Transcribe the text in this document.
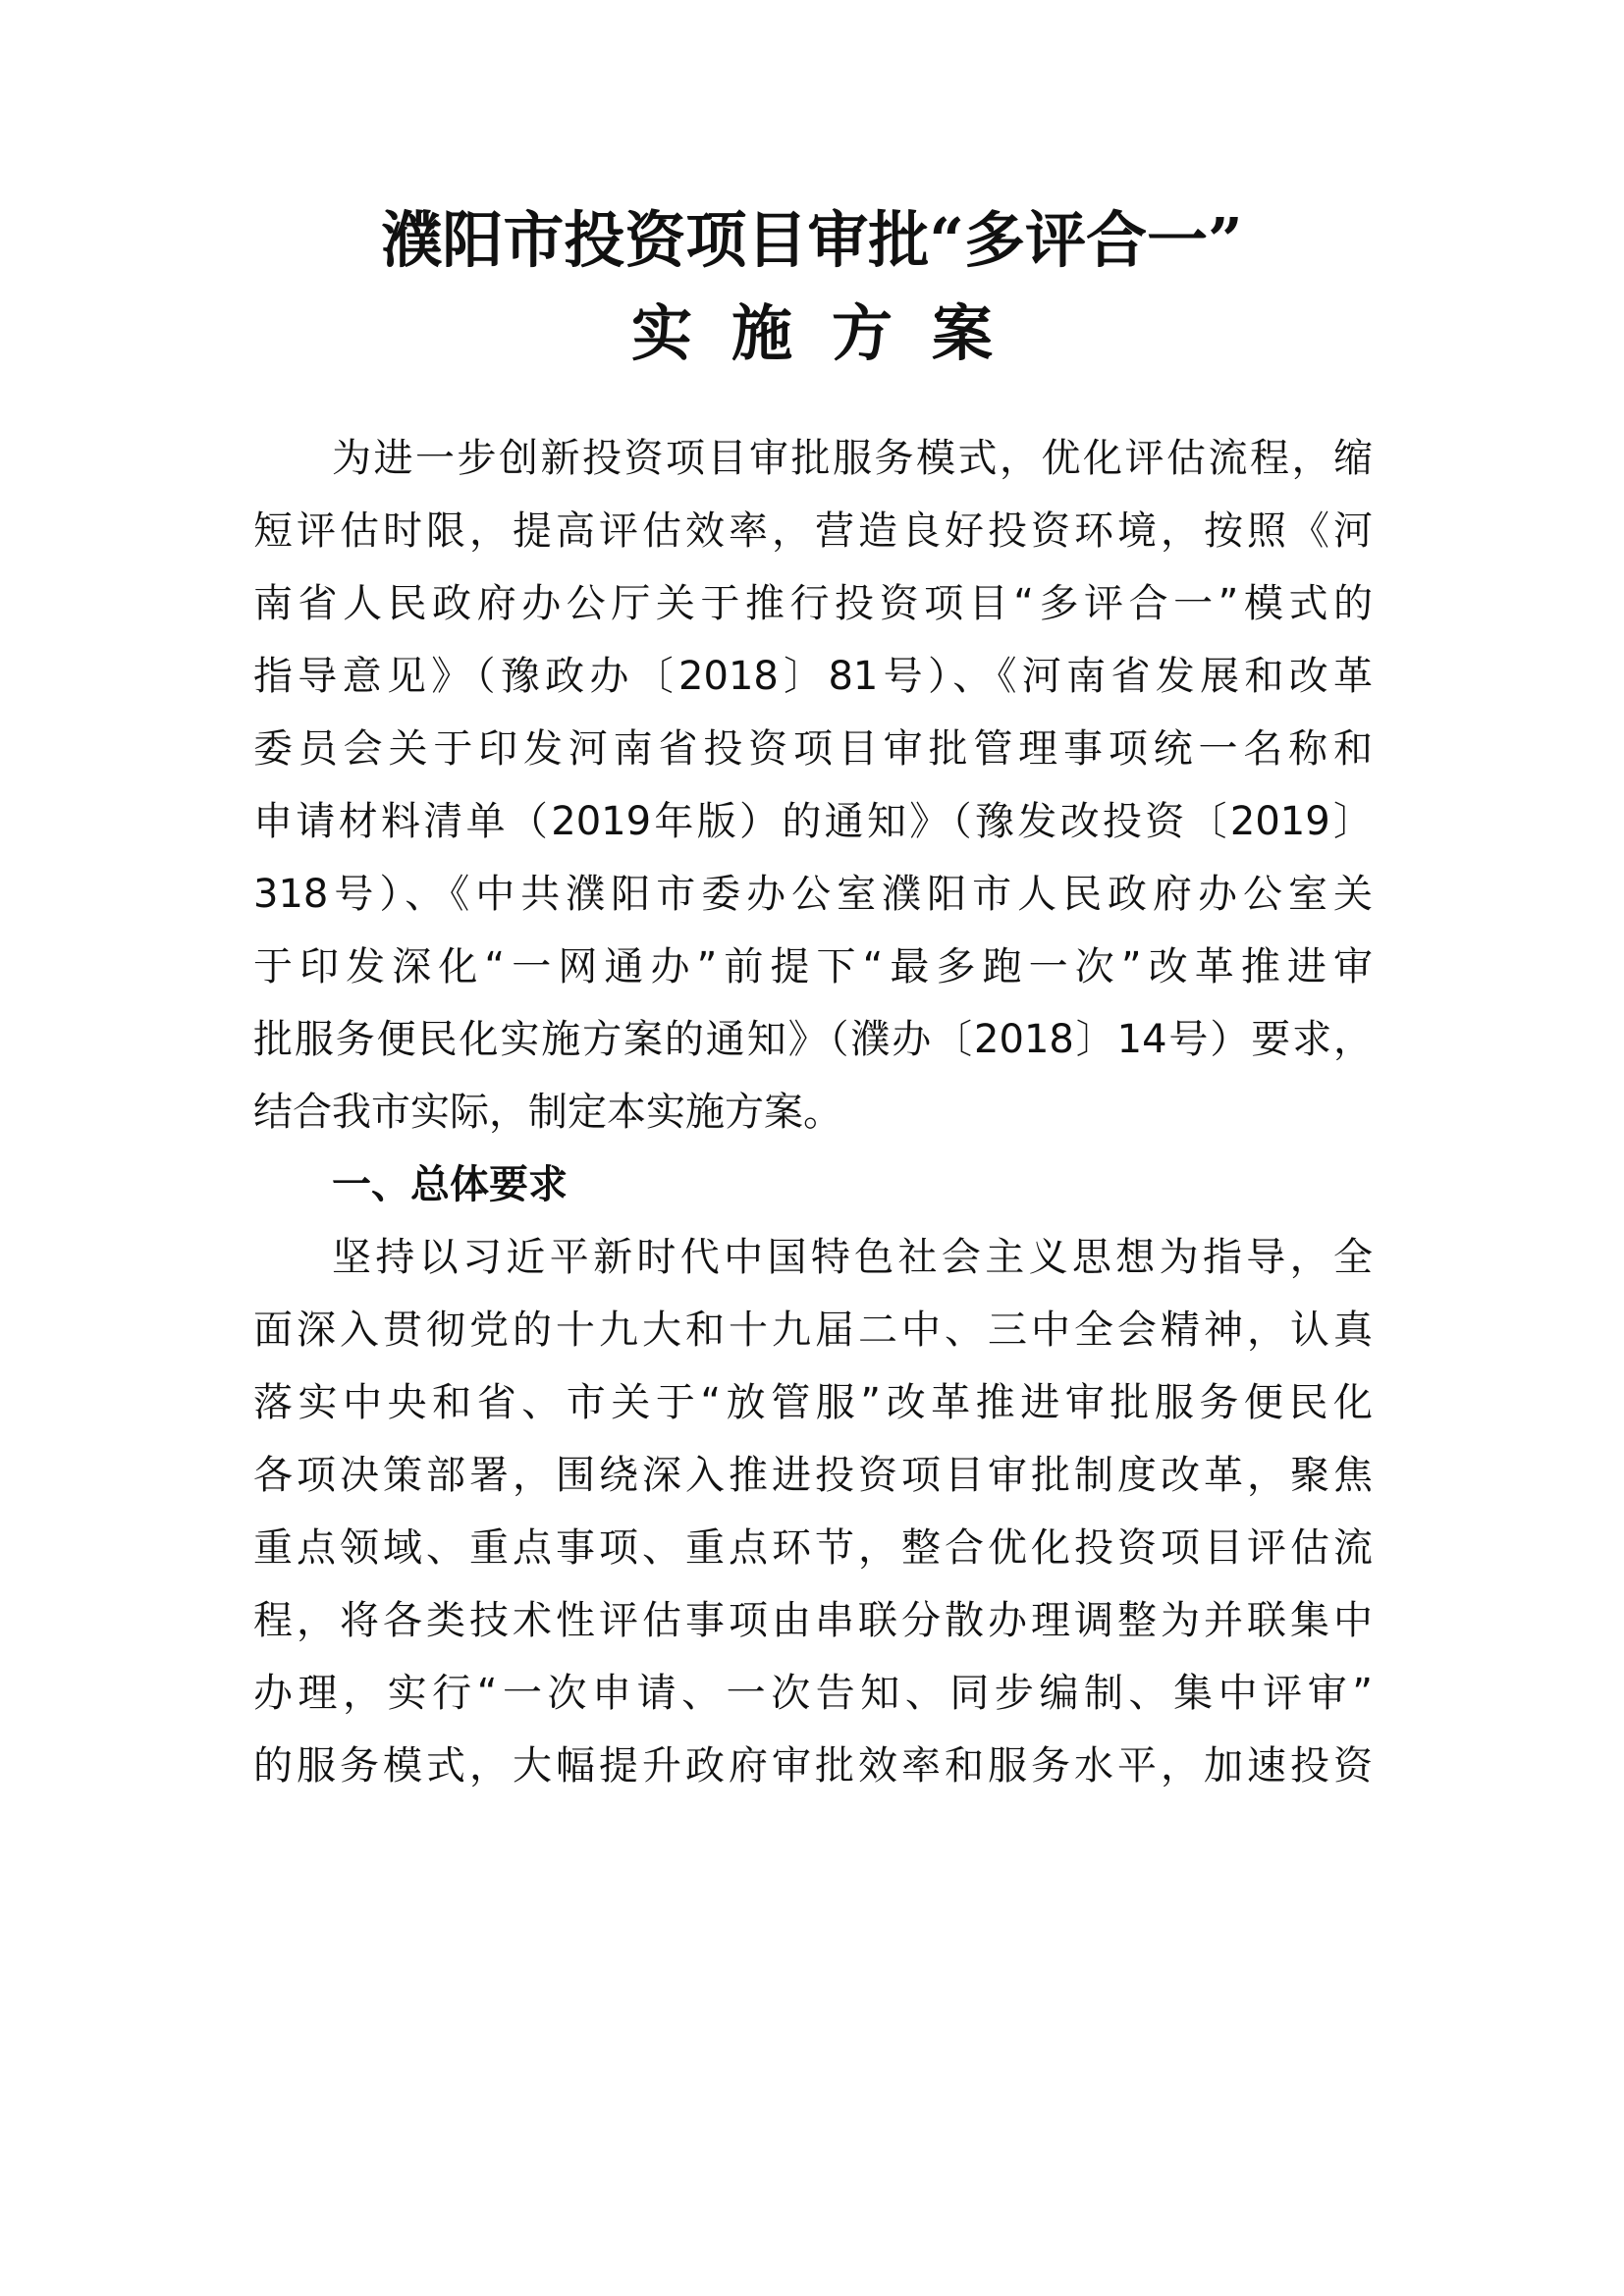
濮阳市投资项目审批“多评合一”
实施方案
为进一步创新投资项目审批服务模式，优化评估流程，缩
短评估时限，提高评估效率，营造良好投资环境，按照《河
南省人民政府办公厅关于推行投资项目“多评合一”模式的
指导意见》（豫政办〔2018〕81号）、《河南省发展和改革
委员会关于印发河南省投资项目审批管理事项统一名称和
申请材料清单（2019年版）的通知》（豫发改投资〔2019〕
318号）、《中共濮阳市委办公室濮阳市人民政府办公室关
于印发深化“一网通办”前提下“最多跑一次”改革推进审
批服务便民化实施方案的通知》（濮办〔2018〕14号）要求，
结合我市实际，制定本实施方案。
一、总体要求
坚持以习近平新时代中国特色社会主义思想为指导，全
面深入贯彻党的十九大和十九届二中、三中全会精神，认真
落实中央和省、市关于“放管服”改革推进审批服务便民化
各项决策部署，围绕深入推进投资项目审批制度改革，聚焦
重点领域、重点事项、重点环节，整合优化投资项目评估流
程，将各类技术性评估事项由串联分散办理调整为并联集中
办理，实行“一次申请、一次告知、同步编制、集中评审”
的服务模式，大幅提升政府审批效率和服务水平，加速投资
